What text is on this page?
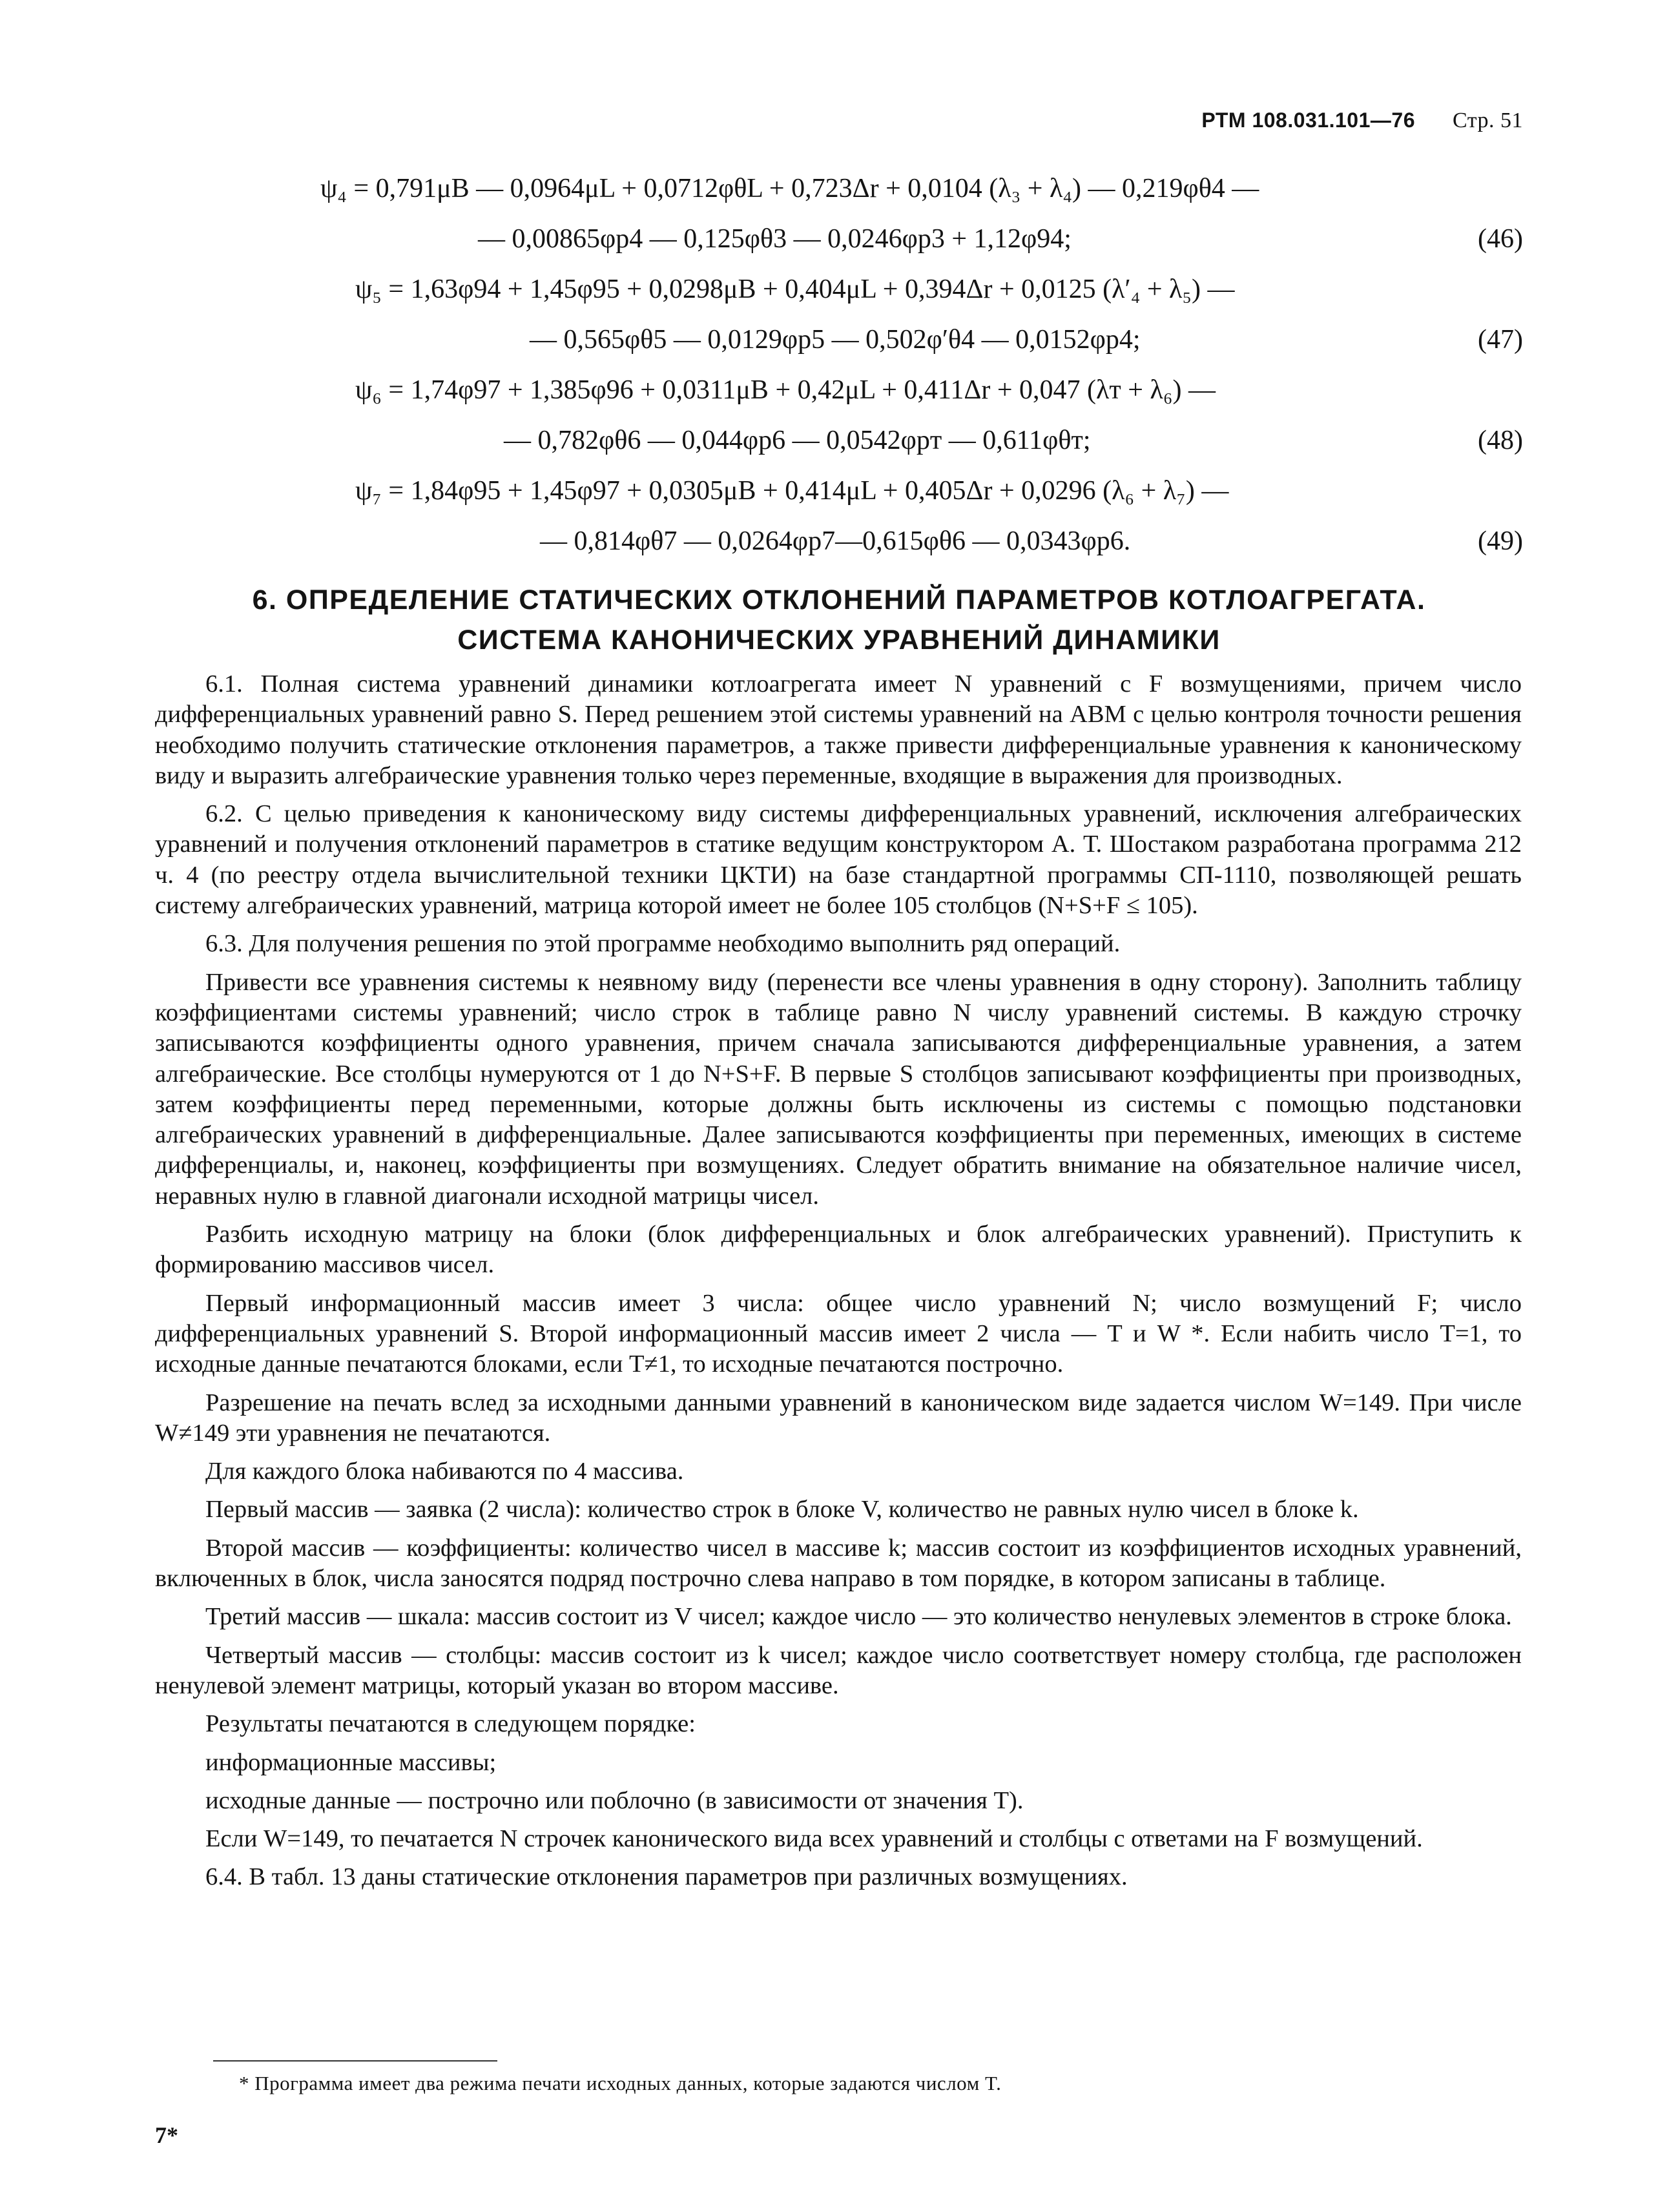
РТМ 108.031.101—76 Стр. 51
ψ₄ = 0,791μB — 0,0964μL + 0,0712φθL + 0,723Δr + 0,0104 (λ₃ + λ₄) — 0,219φθ4 —
— 0,00865φp4 — 0,125φθ3 — 0,0246φp3 + 1,12φ94;	(46)
ψ₅ = 1,63φ94 + 1,45φ95 + 0,0298μB + 0,404μL + 0,394Δr + 0,0125 (λ′₄ + λ₅) —
— 0,565φθ5 — 0,0129φp5 — 0,502φ′θ4 — 0,0152φp4;	(47)
ψ₆ = 1,74φ97 + 1,385φ96 + 0,0311μB + 0,42μL + 0,411Δr + 0,047 (λт + λ₆) —
— 0,782φθ6 — 0,044φp6 — 0,0542φpт — 0,611φθт;	(48)
ψ₇ = 1,84φ95 + 1,45φ97 + 0,0305μB + 0,414μL + 0,405Δr + 0,0296 (λ₆ + λ₇) —
— 0,814φθ7 — 0,0264φp7—0,615φθ6 — 0,0343φp6.	(49)
6. ОПРЕДЕЛЕНИЕ СТАТИЧЕСКИХ ОТКЛОНЕНИЙ ПАРАМЕТРОВ КОТЛОАГРЕГАТА.
СИСТЕМА КАНОНИЧЕСКИХ УРАВНЕНИЙ ДИНАМИКИ

6.1. Полная система уравнений динамики котлоагрегата имеет N уравнений с F возмущениями, причем число дифференциальных уравнений равно S. Перед решением этой системы уравнений на АВМ с целью контроля точности решения необходимо получить статические отклонения параметров, а также привести дифференциальные уравнения к каноническому виду и выразить алгебраические уравнения только через переменные, входящие в выражения для производных.

6.2. С целью приведения к каноническому виду системы дифференциальных уравнений, исключения алгебраических уравнений и получения отклонений параметров в статике ведущим конструктором А. Т. Шостаком разработана программа 212 ч. 4 (по реестру отдела вычислительной техники ЦКТИ) на базе стандартной программы СП-1110, позволяющей решать систему алгебраических уравнений, матрица которой имеет не более 105 столбцов (N+S+F ≤ 105).

6.3. Для получения решения по этой программе необходимо выполнить ряд операций.

Привести все уравнения системы к неявному виду (перенести все члены уравнения в одну сторону). Заполнить таблицу коэффициентами системы уравнений; число строк в таблице равно N числу уравнений системы. В каждую строчку записываются коэффициенты одного уравнения, причем сначала записываются дифференциальные уравнения, а затем алгебраические. Все столбцы нумеруются от 1 до N+S+F. В первые S столбцов записывают коэффициенты при производных, затем коэффициенты перед переменными, которые должны быть исключены из системы с помощью подстановки алгебраических уравнений в дифференциальные. Далее записываются коэффициенты при переменных, имеющих в системе дифференциалы, и, наконец, коэффициенты при возмущениях. Следует обратить внимание на обязательное наличие чисел, неравных нулю в главной диагонали исходной матрицы чисел.

Разбить исходную матрицу на блоки (блок дифференциальных и блок алгебраических уравнений). Приступить к формированию массивов чисел.

Первый информационный массив имеет 3 числа: общее число уравнений N; число возмущений F; число дифференциальных уравнений S. Второй информационный массив имеет 2 числа — T и W *. Если набить число T=1, то исходные данные печатаются блоками, если T≠1, то исходные печатаются построчно.

Разрешение на печать вслед за исходными данными уравнений в каноническом виде задается числом W=149. При числе W≠149 эти уравнения не печатаются.

Для каждого блока набиваются по 4 массива.

Первый массив — заявка (2 числа): количество строк в блоке V, количество не равных нулю чисел в блоке k.

Второй массив — коэффициенты: количество чисел в массиве k; массив состоит из коэффициентов исходных уравнений, включенных в блок, числа заносятся подряд построчно слева направо в том порядке, в котором записаны в таблице.

Третий массив — шкала: массив состоит из V чисел; каждое число — это количество ненулевых элементов в строке блока.

Четвертый массив — столбцы: массив состоит из k чисел; каждое число соответствует номеру столбца, где расположен ненулевой элемент матрицы, который указан во втором массиве.

Результаты печатаются в следующем порядке:

информационные массивы;

исходные данные — построчно или поблочно (в зависимости от значения T).

Если W=149, то печатается N строчек канонического вида всех уравнений и столбцы с ответами на F возмущений.

6.4. В табл. 13 даны статические отклонения параметров при различных возмущениях.

* Программа имеет два режима печати исходных данных, которые задаются числом T.
7*
